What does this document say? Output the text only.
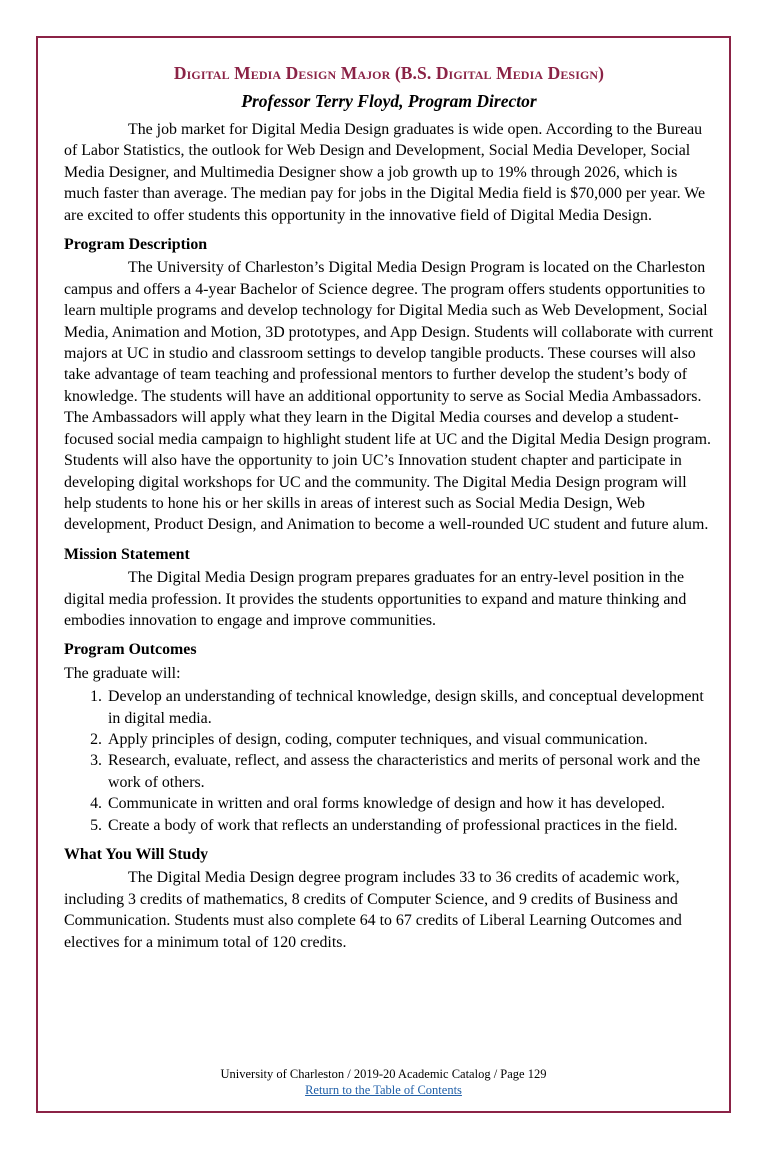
Digital Media Design Major (B.S. Digital Media Design)
Professor Terry Floyd, Program Director

The job market for Digital Media Design graduates is wide open. According to the Bureau of Labor Statistics, the outlook for Web Design and Development, Social Media Developer, Social Media Designer, and Multimedia Designer show a job growth up to 19% through 2026, which is much faster than average. The median pay for jobs in the Digital Media field is $70,000 per year. We are excited to offer students this opportunity in the innovative field of Digital Media Design.

Program Description

The University of Charleston’s Digital Media Design Program is located on the Charleston campus and offers a 4-year Bachelor of Science degree. The program offers students opportunities to learn multiple programs and develop technology for Digital Media such as Web Development, Social Media, Animation and Motion, 3D prototypes, and App Design. Students will collaborate with current majors at UC in studio and classroom settings to develop tangible products. These courses will also take advantage of team teaching and professional mentors to further develop the student’s body of knowledge. The students will have an additional opportunity to serve as Social Media Ambassadors. The Ambassadors will apply what they learn in the Digital Media courses and develop a student-focused social media campaign to highlight student life at UC and the Digital Media Design program. Students will also have the opportunity to join UC’s Innovation student chapter and participate in developing digital workshops for UC and the community. The Digital Media Design program will help students to hone his or her skills in areas of interest such as Social Media Design, Web development, Product Design, and Animation to become a well-rounded UC student and future alum.

Mission Statement

The Digital Media Design program prepares graduates for an entry-level position in the digital media profession. It provides the students opportunities to expand and mature thinking and embodies innovation to engage and improve communities.

Program Outcomes

The graduate will:

1. Develop an understanding of technical knowledge, design skills, and conceptual development in digital media.
2. Apply principles of design, coding, computer techniques, and visual communication.
3. Research, evaluate, reflect, and assess the characteristics and merits of personal work and the work of others.
4. Communicate in written and oral forms knowledge of design and how it has developed.
5. Create a body of work that reflects an understanding of professional practices in the field.
What You Will Study

The Digital Media Design degree program includes 33 to 36 credits of academic work, including 3 credits of mathematics, 8 credits of Computer Science, and 9 credits of Business and Communication. Students must also complete 64 to 67 credits of Liberal Learning Outcomes and electives for a minimum total of 120 credits.

University of Charleston / 2019-20 Academic Catalog / Page 129
Return to the Table of Contents
